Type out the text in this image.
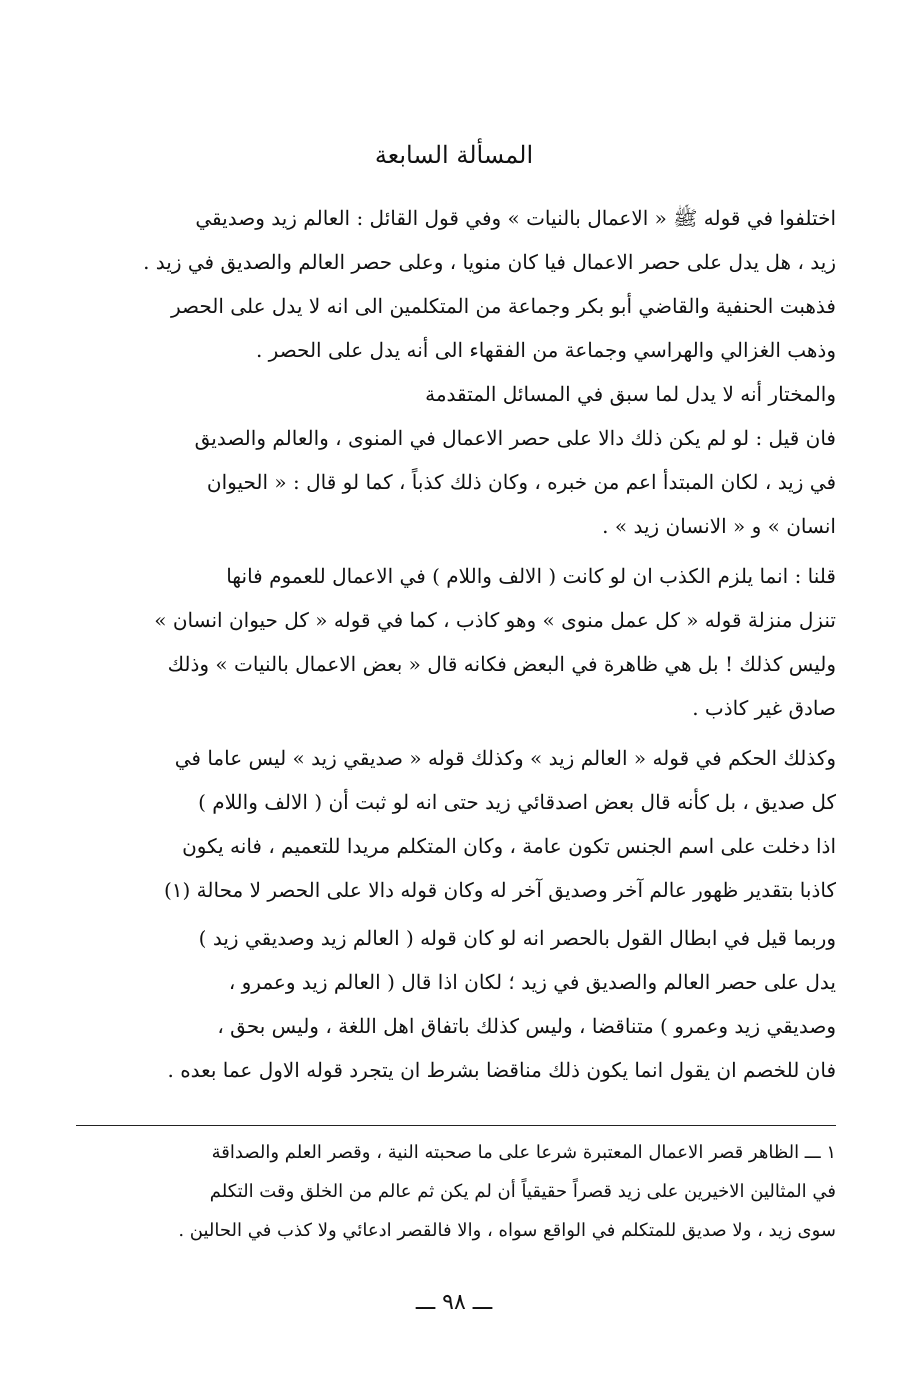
المسألة السابعة

اختلفوا في قوله ﷺ « الاعمال بالنيات » وفي قول القائل : العالم زيد وصديقي
زيد ، هل يدل على حصر الاعمال فيا كان منويا ، وعلى حصر العالم والصديق في زيد .

فذهبت الحنفية والقاضي أبو بكر وجماعة من المتكلمين الى انه لا يدل على الحصر
وذهب الغزالي والهراسي وجماعة من الفقهاء الى أنه يدل على الحصر .
والمختار أنه لا يدل لما سبق في المسائل المتقدمة

فان قيل : لو لم يكن ذلك دالا على حصر الاعمال في المنوى ، والعالم والصديق
في زيد ، لكان المبتدأ اعم من خبره ، وكان ذلك كذباً ، كما لو قال : « الحيوان
انسان » و « الانسان زيد » .

قلنا : انما يلزم الكذب ان لو كانت ( الالف واللام ) في الاعمال للعموم فانها
تنزل منزلة قوله « كل عمل منوى » وهو كاذب ، كما في قوله « كل حيوان انسان »
وليس كذلك ! بل هي ظاهرة في البعض فكانه قال « بعض الاعمال بالنيات » وذلك
صادق غير كاذب .

وكذلك الحكم في قوله « العالم زيد » وكذلك قوله « صديقي زيد » ليس عاما في
كل صديق ، بل كأنه قال بعض اصدقائي زيد حتى انه لو ثبت أن ( الالف واللام )
اذا دخلت على اسم الجنس تكون عامة ، وكان المتكلم مريدا للتعميم ، فانه يكون
كاذبا بتقدير ظهور عالم آخر وصديق آخر له وكان قوله دالا على الحصر لا محالة (١)

وربما قيل في ابطال القول بالحصر انه لو كان قوله ( العالم زيد وصديقي زيد )
يدل على حصر العالم والصديق في زيد ؛ لكان اذا قال ( العالم زيد وعمرو ،
وصديقي زيد وعمرو ) متناقضا ، وليس كذلك باتفاق اهل اللغة ، وليس بحق ،
فان للخصم ان يقول انما يكون ذلك مناقضا بشرط ان يتجرد قوله الاول عما بعده .

١ ـــ الظاهر قصر الاعمال المعتبرة شرعا على ما صحبته النية ، وقصر العلم والصداقة
في المثالين الاخيرين على زيد قصراً حقيقياً أن لم يكن ثم عالم من الخلق وقت التكلم
سوى زيد ، ولا صديق للمتكلم في الواقع سواه ، والا فالقصر ادعائي ولا كذب في الحالين .
ـــ ٩٨ ـــ
